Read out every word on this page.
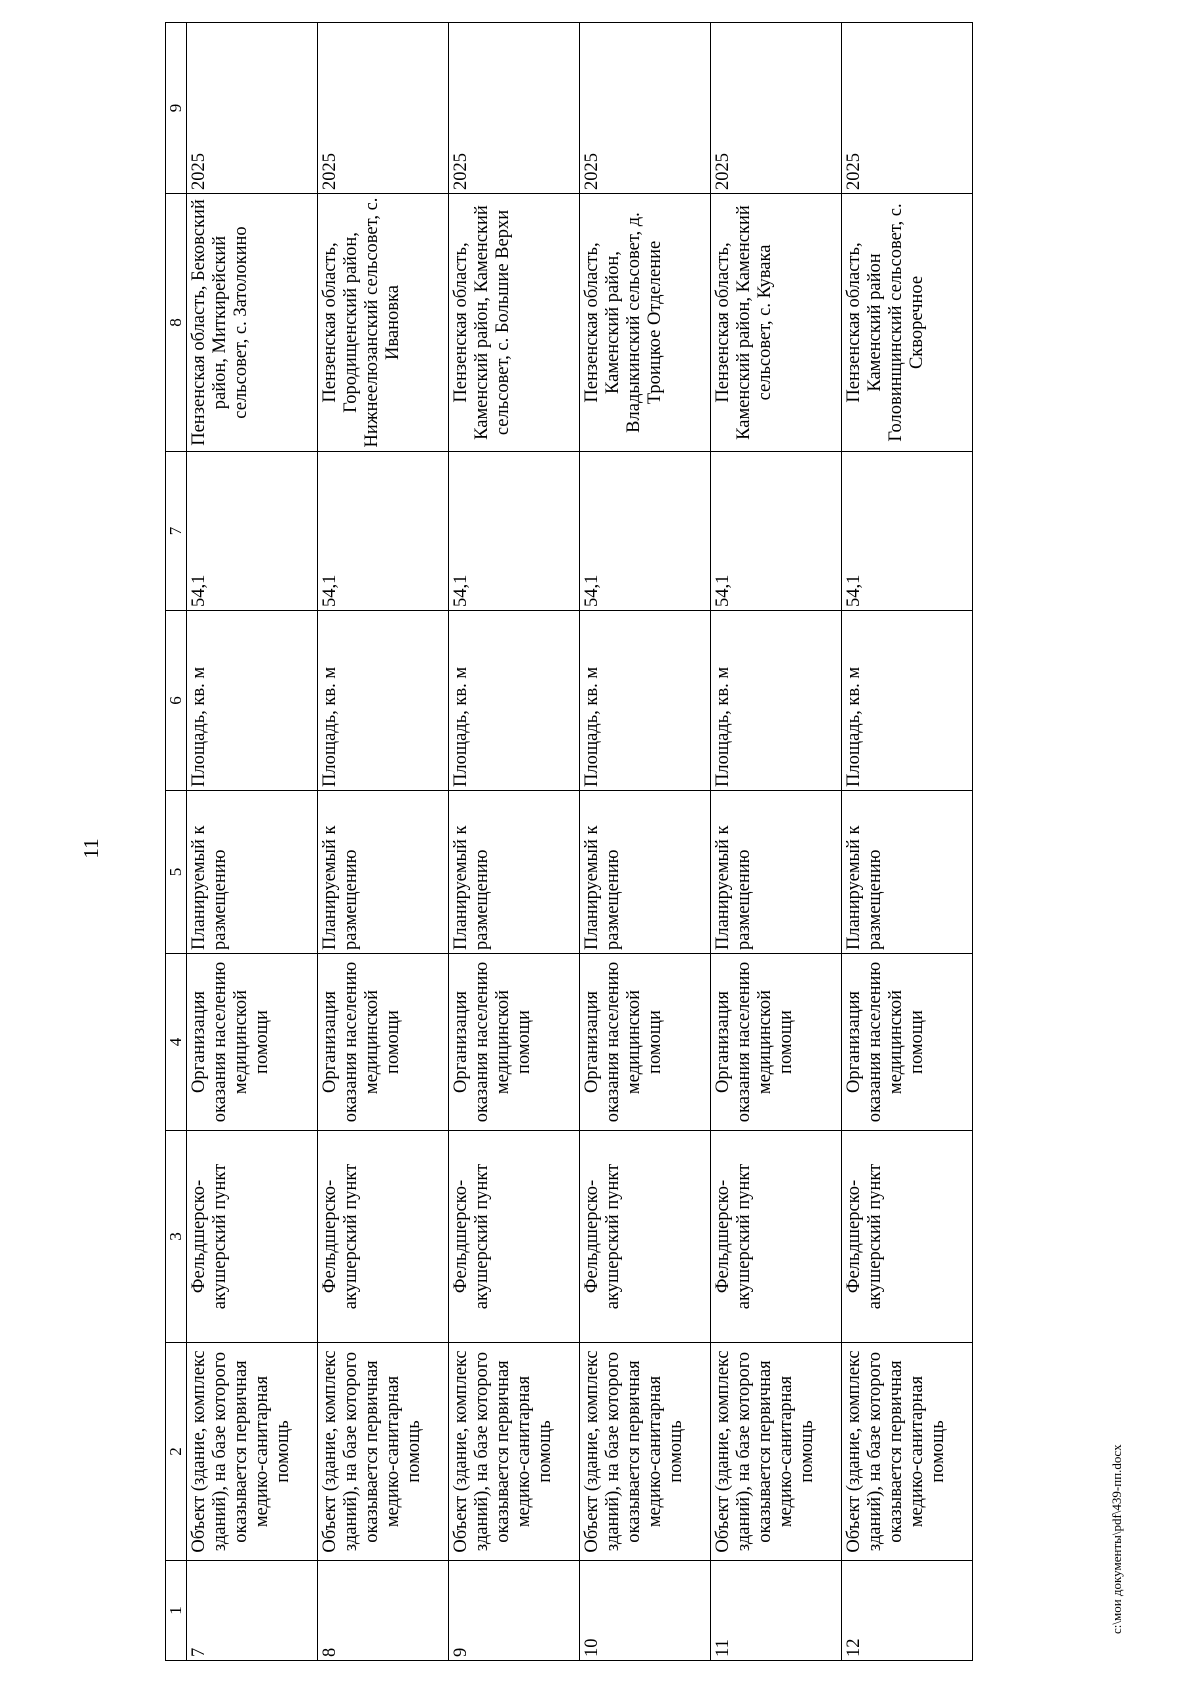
11
1	2	3	4	5	6	7	8	9
7	Объект (здание, комплекс зданий), на базе которого оказывается первичная медико-санитарная помощь	Фельдшерско-акушерский пункт	Организация оказания населению медицинской помощи	Планируемый к размещению	Площадь, кв. м	54,1	Пензенская область, Бековский район, Миткирейский сельсовет, с. Затолокино	2025
8	Объект (здание, комплекс зданий), на базе которого оказывается первичная медико-санитарная помощь	Фельдшерско-акушерский пункт	Организация оказания населению медицинской помощи	Планируемый к размещению	Площадь, кв. м	54,1	Пензенская область, Городищенский район, Нижнеелюзанский сельсовет, с. Ивановка	2025
9	Объект (здание, комплекс зданий), на базе которого оказывается первичная медико-санитарная помощь	Фельдшерско-акушерский пункт	Организация оказания населению медицинской помощи	Планируемый к размещению	Площадь, кв. м	54,1	Пензенская область, Каменский район, Каменский сельсовет, с. Большие Верхи	2025
10	Объект (здание, комплекс зданий), на базе которого оказывается первичная медико-санитарная помощь	Фельдшерско-акушерский пункт	Организация оказания населению медицинской помощи	Планируемый к размещению	Площадь, кв. м	54,1	Пензенская область, Каменский район, Владыкинский сельсовет, д. Троицкое Отделение	2025
11	Объект (здание, комплекс зданий), на базе которого оказывается первичная медико-санитарная помощь	Фельдшерско-акушерский пункт	Организация оказания населению медицинской помощи	Планируемый к размещению	Площадь, кв. м	54,1	Пензенская область, Каменский район, Каменский сельсовет, с. Кувака	2025
12	Объект (здание, комплекс зданий), на базе которого оказывается первичная медико-санитарная помощь	Фельдшерско-акушерский пункт	Организация оказания населению медицинской помощи	Планируемый к размещению	Площадь, кв. м	54,1	Пензенская область, Каменский район Головинщинский сельсовет, с. Скворечное	2025
c:\мои документы\pdf\439-пп.docx
